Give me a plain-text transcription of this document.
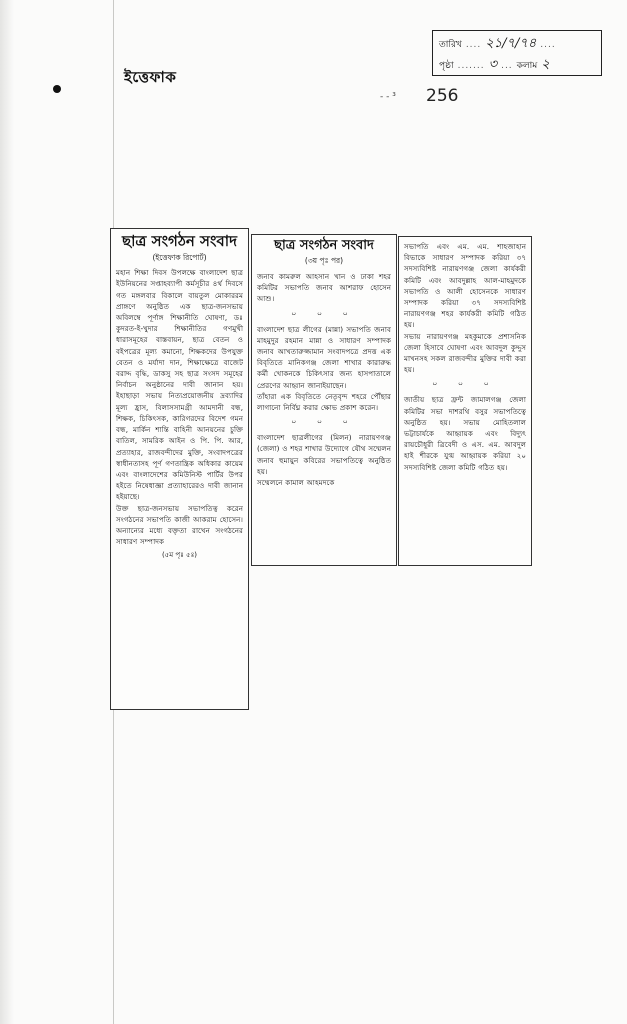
ইত্তেফাক
- - ³ 256
তারিখ .... ২১/৭/৭৪ ....
পৃষ্ঠা ....... ৩ ... কলাম ২
ছাত্র সংগঠন সংবাদ
(ইত্তেফাক রিপোর্ট)

মহান শিক্ষা দিবস উপলক্ষে বাংলাদেশ ছাত্র ইউনিয়নের সপ্তাহব্যাপী কর্মসূচীর ৪র্থ দিবসে গত মঙ্গলবার বিকালে বায়তুল মোকাররম প্রাঙ্গণে অনুষ্ঠিত এক ছাত্র-জনসভায় অবিলম্বে পূর্ণাঙ্গ শিক্ষানীতি ঘোষণা, ডঃ কুদরত-ই-খুদার শিক্ষানীতির গণমুখী ধারাসমূহের বাস্তবায়ন, ছাত্র বেতন ও বইপত্রের মূল্য কমানো, শিক্ষকদের উপযুক্ত বেতন ও মর্যাদা দান, শিক্ষাক্ষেত্রে বাজেট বরাদ্দ বৃদ্ধি, ডাকসু সহ ছাত্র সংসদ সমূহের নির্বাচন অনুষ্ঠানের দাবী জানান হয়। ইহাছাড়া সভায় নিত্যপ্রয়োজনীয় দ্রব্যাদির মূল্য হ্রাস, বিলাসসামগ্রী আমদানী বন্ধ, শিক্ষক, চিকিৎসক, কারিগরদের বিদেশ গমন বন্ধ, মার্কিন শান্তি বাহিনী আনয়নের চুক্তি বাতিল, সামরিক আইন ও পি. পি. আর, প্রত্যাহার, রাজবন্দীদের মুক্তি, সংবাদপত্রের স্বাধীনতাসহ পূর্ণ গণতান্ত্রিক অধিকার কায়েম এবং বাংলাদেশের কমিউনিস্ট পার্টির উপর হইতে নিষেধাজ্ঞা প্রত্যাহারেরও দাবী জানান হইয়াছে।

উক্ত ছাত্র-জনসভায় সভাপতিত্ব করেন সংগঠনের সভাপতি কাজী আকরাম হোসেন। অন্যান্যের মধ্যে বক্তৃতা রাখেন সংগঠনের সাধারণ সম্পাদক

(৫ম পৃঃ ৫ঃ)
ছাত্র সংগঠন সংবাদ
(৩য় পৃঃ পর)

জনাব কামরুল আহসান খান ও ঢাকা শহর কমিটির সভাপতি জনাব আশরাফ হোসেন আশু।

০ ০ ০

বাংলাদেশ ছাত্র লীগের (মান্না) সভাপতি জনাব মাহমুদুর রহমান মান্না ও সাধারণ সম্পাদক জনাব আখতারুজ্জামান সংবাদপত্রে প্রদত্ত এক বিবৃতিতে মানিকগঞ্জ জেলা শাখার কারারুদ্ধ কর্মী খোকনকে চিকিৎসার জন্য হাসপাতালে প্রেরণের আহ্বান জানাইয়াছেন।

তাঁহারা এক বিবৃতিতে নেতৃবৃন্দ শহরে পৌঁছার লাগানো নির্বিঘ্ন করার ক্ষোভ প্রকাশ করেন।

০ ০ ০

বাংলাদেশ ছাত্রলীগের (মিলন) নারায়ণগঞ্জ (জেলা) ও শহর শাখার উদ্যোগে যৌথ সম্মেলন জনাব হুমায়ুন কবিরের সভাপতিত্বে অনুষ্ঠিত হয়।

সম্মেলনে কামাল আহমদকে

সভাপতি এবং এম. এম. শাহজাহান বিভাকে সাধারণ সম্পাদক করিয়া ৩৭ সদস্যবিশিষ্ট নারায়ণগঞ্জ জেলা কার্যকরী কমিটি এবং আবদুল্লাহ আল-মাহমুদকে সভাপতি ও আলী হোসেনকে সাধারণ সম্পাদক করিয়া ৩৭ সদস্যবিশিষ্ট নারায়ণগঞ্জ শহর কার্যকরী কমিটি গঠিত হয়।

সভায় নারায়ণগঞ্জ মহকুমাকে প্রশাসনিক জেলা হিসাবে ঘোষণা এবং আবদুল কুদ্দুস মাখনসহ সকল রাজবন্দীর মুক্তির দাবী করা হয়।

০ ০ ০

জাতীয় ছাত্র ফ্রন্ট জামালগঞ্জ জেলা কমিটির সভা দাশরথি বসুর সভাপতিত্বে অনুষ্ঠিত হয়। সভায় মোহিতলাল ভট্টাচার্যকে আহ্বায়ক এবং বিদ্যুৎ রায়চৌধুরী ত্রিবেদী ও এস. এম. আবদুল হাই শীরকে যুগ্ম আহ্বায়ক করিয়া ২০ সদস্যবিশিষ্ট জেলা কমিটি গঠিত হয়।
